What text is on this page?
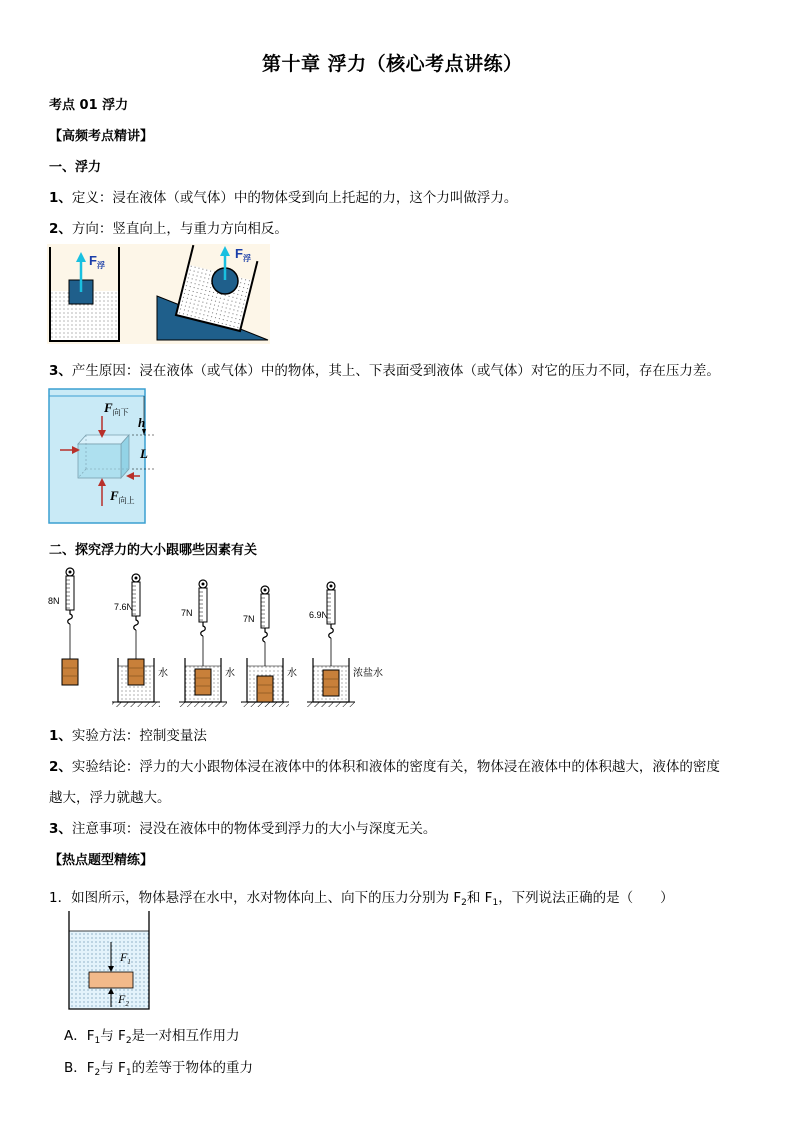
第十章 浮力（核心考点讲练）
考点 01 浮力
【高频考点精讲】
一、浮力
1、定义：浸在液体（或气体）中的物体受到向上托起的力，这个力叫做浮力。
2、方向：竖直向上，与重力方向相反。
$F_浮$
$F_浮$
3、产生原因：浸在液体（或气体）中的物体，其上、下表面受到液体（或气体）对它的压力不同，存在压力差。
$F_{向下}$
$F_{向上}$
h
L
二、探究浮力的大小跟哪些因素有关
8N
7.6N
水
7N
水
7N
水
6.9N
浓盐水
1、实验方法：控制变量法
2、实验结论：浮力的大小跟物体浸在液体中的体积和液体的密度有关，物体浸在液体中的体积越大，液体的密度
越大，浮力就越大。
3、注意事项：浸没在液体中的物体受到浮力的大小与深度无关。
【热点题型精练】
1．如图所示，物体悬浮在水中，水对物体向上、向下的压力分别为 $F_2$和 $F_1$，下列说法正确的是（　　）
$F_1$
$F_2$
A．$F_1$与 $F_2$是一对相互作用力
B．$F_2$与 $F_1$的差等于物体的重力
